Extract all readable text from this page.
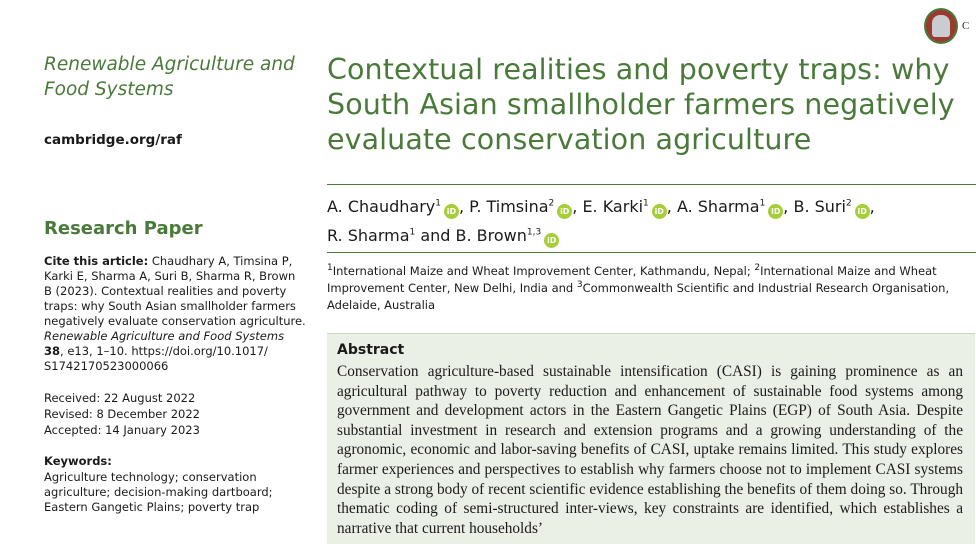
C

Renewable Agriculture and
Food Systems

cambridge.org/raf

Research Paper

Cite this article: Chaudhary A, Timsina P, Karki E, Sharma A, Suri B, Sharma R, Brown B (2023). Contextual realities and poverty traps: why South Asian smallholder farmers negatively evaluate conservation agriculture. Renewable Agriculture and Food Systems 38, e13, 1–10. https://doi.org/10.1017/ S1742170523000066
Received: 22 August 2022
Revised: 8 December 2022
Accepted: 14 January 2023
Keywords:
Agriculture technology; conservation agriculture; decision-making dartboard; Eastern Gangetic Plains; poverty trap
Contextual realities and poverty traps: why
South Asian smallholder farmers negatively
evaluate conservation agriculture
A. Chaudhary$^1$iD , P. Timsina$^2$iD , E. Karki$^1$iD , A. Sharma$^1$iD , B. Suri$^2$iD ,
R. Sharma$^1$ and B. Brown$^{1,3}$iD
$^1$International Maize and Wheat Improvement Center, Kathmandu, Nepal; $^2$International Maize and Wheat Improvement Center, New Delhi, India and $^3$Commonwealth Scientific and Industrial Research Organisation, Adelaide, Australia
Abstract
Conservation agriculture-based sustainable intensification (CASI) is gaining prominence as an agricultural pathway to poverty reduction and enhancement of sustainable food systems among government and development actors in the Eastern Gangetic Plains (EGP) of South Asia. Despite substantial investment in research and extension programs and a growing understanding of the agronomic, economic and labor-saving benefits of CASI, uptake remains limited. This study explores farmer experiences and perspectives to establish why farmers choose not to implement CASI systems despite a strong body of recent scientific evidence establishing the benefits of them doing so. Through thematic coding of semi-structured inter-views, key constraints are identified, which establishes a narrative that current households’
